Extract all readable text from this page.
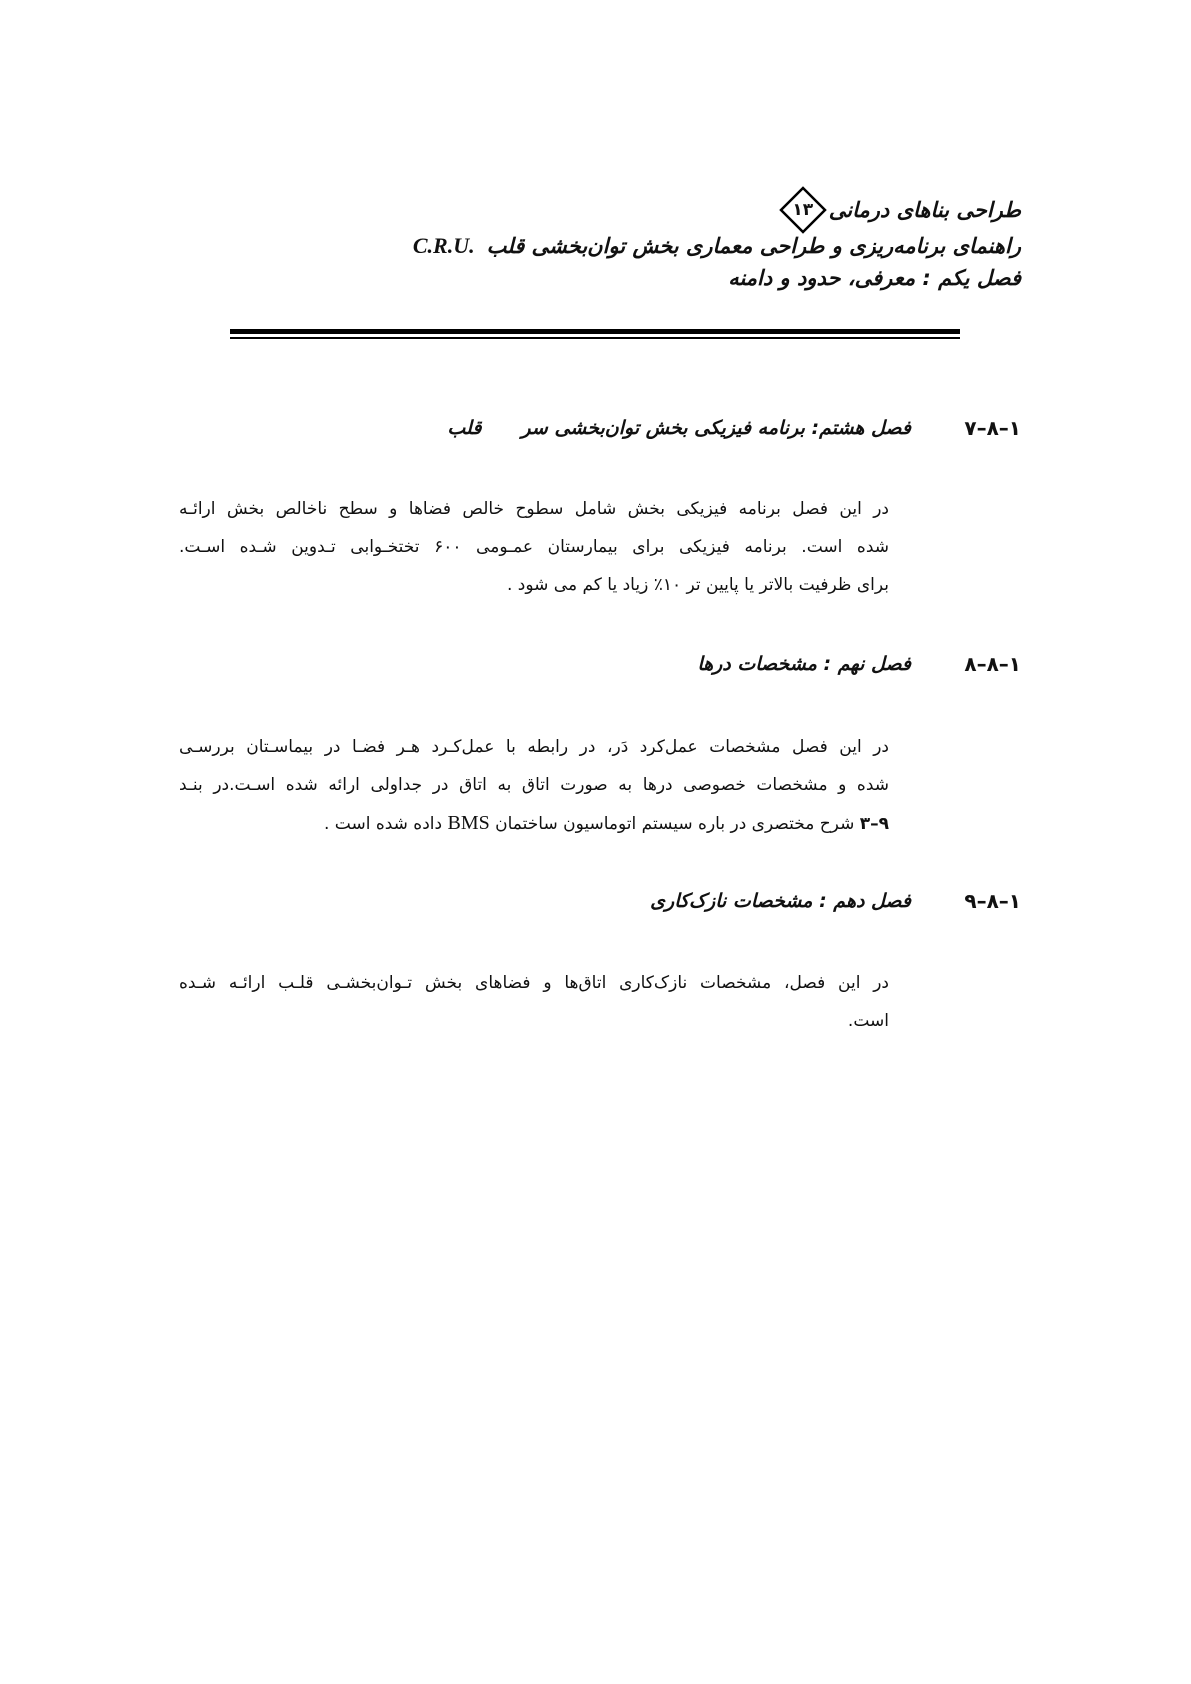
طراحی بناهای درمانی
۱۳
راهنمای برنامه‌ریزی و طراحی معماری بخش توان‌بخشی قلبC.R.U.
فصل یکم : معرفی، حدود و دامنه
۱–۸–۷
فصل هشتم: برنامه فیزیکی بخش توان‌بخشی سر
قلب
در این فصل برنامه فیزیکی بخش شامل سطوح خالص فضاها و سطح ناخالص بخش ارائـه
شده است. برنامه فیزیکی برای بیمارستان عمـومی ۶۰۰ تختخـوابی تـدوین شـده اسـت.
برای ظرفیت بالاتر یا پایین تر ۱۰٪ زیاد یا کم می شود .
۱–۸–۸
فصل نهم : مشخصات درها
در این فصل مشخصات عمل‌کرد دَر، در رابطه با عمل‌کـرد هـر فضـا در بیماسـتان بررسـی
شده و مشخصات خصوصی درها به صورت اتاق به اتاق در جداولی ارائه شده اسـت.در بنـد
۹–۳ شرح مختصری در باره سیستم اتوماسیون ساختمان BMS داده شده است .
۱–۸–۹
فصل دهم : مشخصات نازک‌کاری
در این فصل، مشخصات نازک‌کاری اتاق‌ها و فضاهای بخش تـوان‌بخشـی قلـب ارائـه شـده
است.
